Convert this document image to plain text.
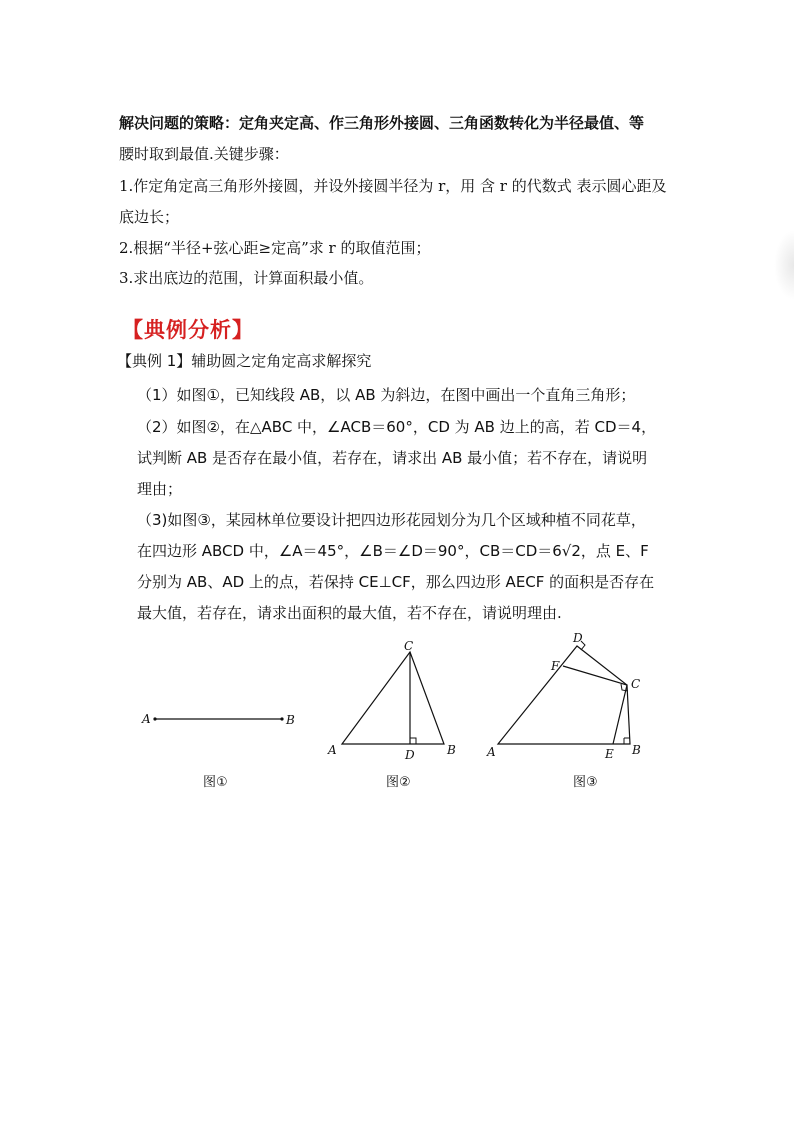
解决问题的策略：定角夹定高、作三角形外接圆、三角函数转化为半径最值、等
腰时取到最值.关键步骤：
1.作定角定高三角形外接圆，并设外接圆半径为 r，用 含 r 的代数式 表示圆心距及
底边长；
2.根据“半径+弦心距≥定高”求 r 的取值范围；
3.求出底边的范围，计算面积最小值。
【典例分析】
【典例 1】辅助圆之定角定高求解探究
（1）如图①，已知线段 AB，以 AB 为斜边，在图中画出一个直角三角形；
（2）如图②，在△ABC 中，∠ACB＝60°，CD 为 AB 边上的高，若 CD＝4，
试判断 AB 是否存在最小值，若存在，请求出 AB 最小值；若不存在，请说明
理由；
（3)如图③，某园林单位要设计把四边形花园划分为几个区域种植不同花草，
在四边形 ABCD 中，∠A＝45°，∠B＝∠D＝90°，CB＝CD＝6√2，点 E、F
分别为 AB、AD 上的点，若保持 CE⊥CF，那么四边形 AECF 的面积是否存在
最大值，若存在，请求出面积的最大值，若不存在，请说明理由.
A	B
图①
C
A	D	B
图②
D
F
C
A	E B
图③
